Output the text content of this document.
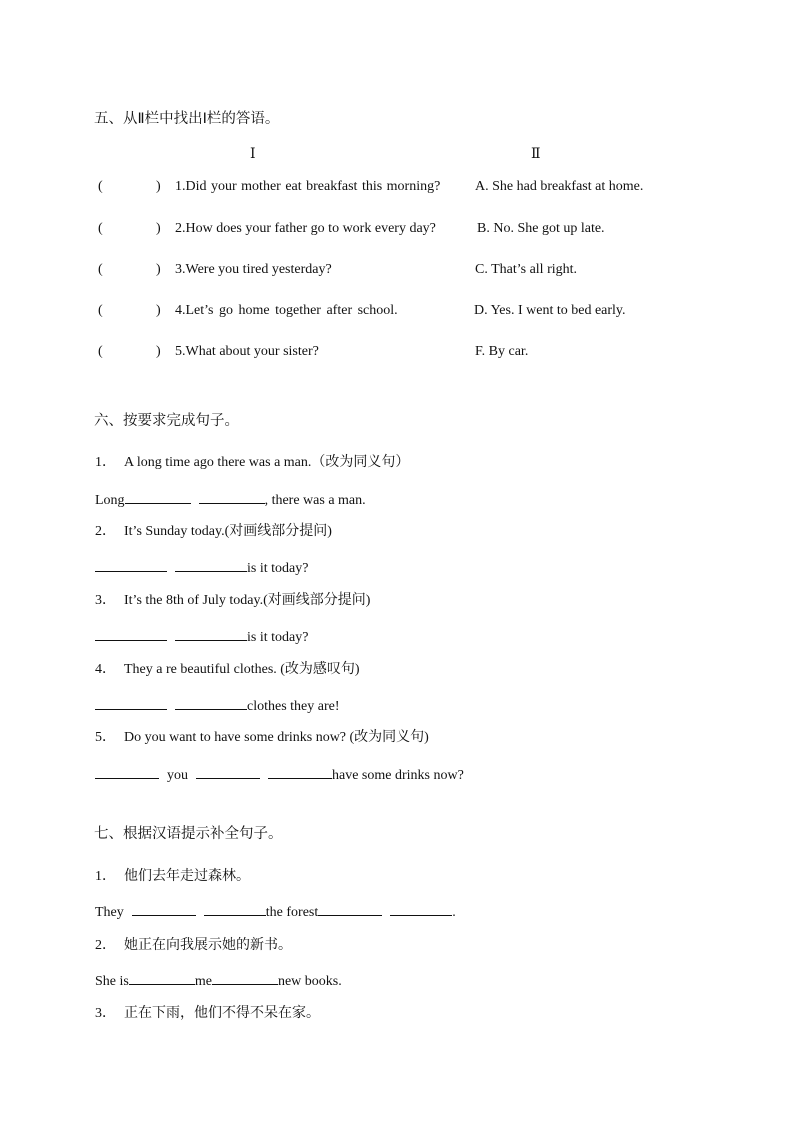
五、从Ⅱ栏中找出Ⅰ栏的答语。
Ⅰ	Ⅱ
(	) 1.Did your mother eat breakfast this morning? A. She had breakfast at home.
(	) 2.How does your father go to work every day?	B. No. She got up late.
(	) 3.Were you tired yesterday?	C. That’s all right.
(	) 4.Let’s go home together after school.	D. Yes. I went to bed early.
(	) 5.What about your sister?	F. By car.
六、按要求完成句子。
1． A long time ago there was a man.（改为同义句）
Long	, there was a man.
2． It’s Sunday today.(对画线部分提问)
is it today?
3． It’s the 8th of July today.(对画线部分提问)
is it today?
4． They a re beautiful clothes. (改为感叹句)
clothes they are!
5． Do you want to have some drinks now? (改为同义句)
you	have some drinks now?
七、根据汉语提示补全句子。
1． 他们去年走过森林。
They	the forest	.
2． 她正在向我展示她的新书。
She is	me	new books.
3． 正在下雨，他们不得不呆在家。
